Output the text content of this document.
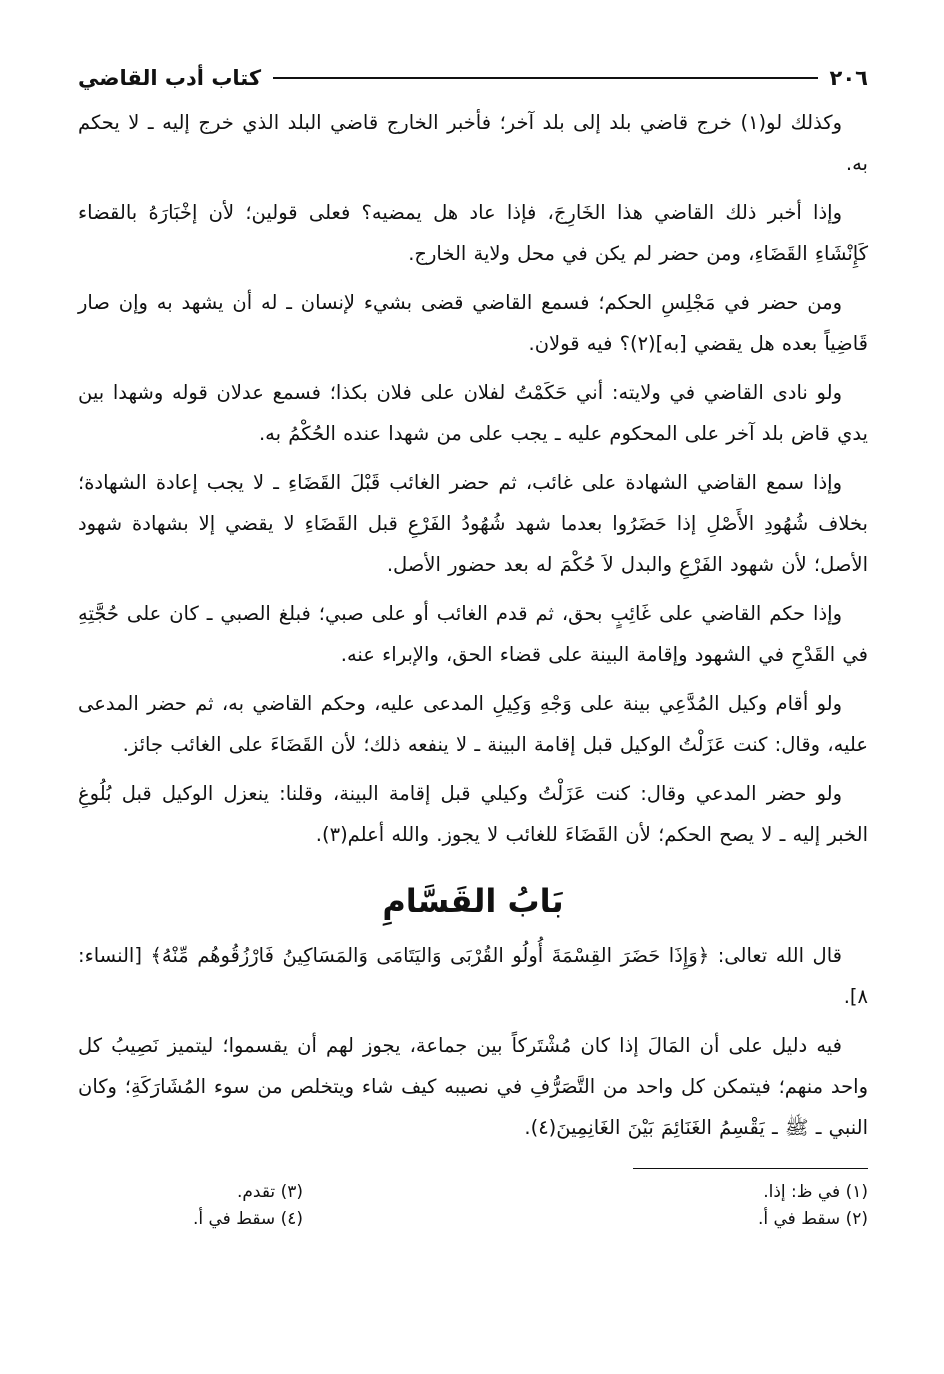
٢٠٦
كتاب أدب القاضي

وكذلك لو(١) خرج قاضي بلد إلى بلد آخر؛ فأخبر الخارج قاضي البلد الذي خرج إليه ـ لا يحكم به.

وإذا أخبر ذلك القاضي هذا الخَارِجَ، فإذا عاد هل يمضيه؟ فعلى قولين؛ لأن إخْبَارَهُ بالقضاء كَإِنْشَاءِ القَضَاءِ، ومن حضر لم يكن في محل ولاية الخارج.

ومن حضر في مَجْلِسِ الحكم؛ فسمع القاضي قضى بشيء لإنسان ـ له أن يشهد به وإن صار قَاضِياً بعده هل يقضي [به](٢)؟ فيه قولان.

ولو نادى القاضي في ولايته: أني حَكَمْتُ لفلان على فلان بكذا؛ فسمع عدلان قوله وشهدا بين يدي قاض بلد آخر على المحكوم عليه ـ يجب على من شهدا عنده الحُكْمُ به.

وإذا سمع القاضي الشهادة على غائب، ثم حضر الغائب قَبْلَ القَضَاءِ ـ لا يجب إعادة الشهادة؛ بخلاف شُهُودِ الأَصْلِ إذا حَضَرُوا بعدما شهد شُهُودُ الفَرْعِ قبل القَضَاءِ لا يقضي إلا بشهادة شهود الأصل؛ لأن شهود الفَرْعِ والبدل لاَ حُكْمَ له بعد حضور الأصل.

وإذا حكم القاضي على غَائِبٍ بحق، ثم قدم الغائب أو على صبي؛ فبلغ الصبي ـ كان على حُجَّتِهِ في القَدْحِ في الشهود وإقامة البينة على قضاء الحق، والإبراء عنه.

ولو أقام وكيل المُدَّعِي بينة على وَجْهِ وَكِيلِ المدعى عليه، وحكم القاضي به، ثم حضر المدعى عليه، وقال: كنت عَزَلْتُ الوكيل قبل إقامة البينة ـ لا ينفعه ذلك؛ لأن القَضَاءَ على الغائب جائز.

ولو حضر المدعي وقال: كنت عَزَلْتُ وكيلي قبل إقامة البينة، وقلنا: ينعزل الوكيل قبل بُلُوغِ الخبر إليه ـ لا يصح الحكم؛ لأن القَضَاءَ للغائب لا يجوز. والله أعلم(٣).

بَابُ القَسَّامِ

قال الله تعالى: ﴿وَإِذَا حَضَرَ القِسْمَةَ أُولُو القُرْبَى وَاليَتَامَى وَالمَسَاكِينُ فَارْزُقُوهُم مِّنْهُ﴾ [النساء: ٨].

فيه دليل على أن المَالَ إذا كان مُشْتَركاً بين جماعة، يجوز لهم أن يقسموا؛ ليتميز نَصِيبُ كل واحد منهم؛ فيتمكن كل واحد من التَّصَرُّفِ في نصيبه كيف شاء ويتخلص من سوء المُشَارَكَةِ؛ وكان النبي ـ ﷺ ـ يَقْسِمُ الغَنَائِمَ بَيْنَ الغَانِمِينَ(٤).

(١) في ظ: إذا.
(٢) سقط في أ.
(٣) تقدم.
(٤) سقط في أ.
